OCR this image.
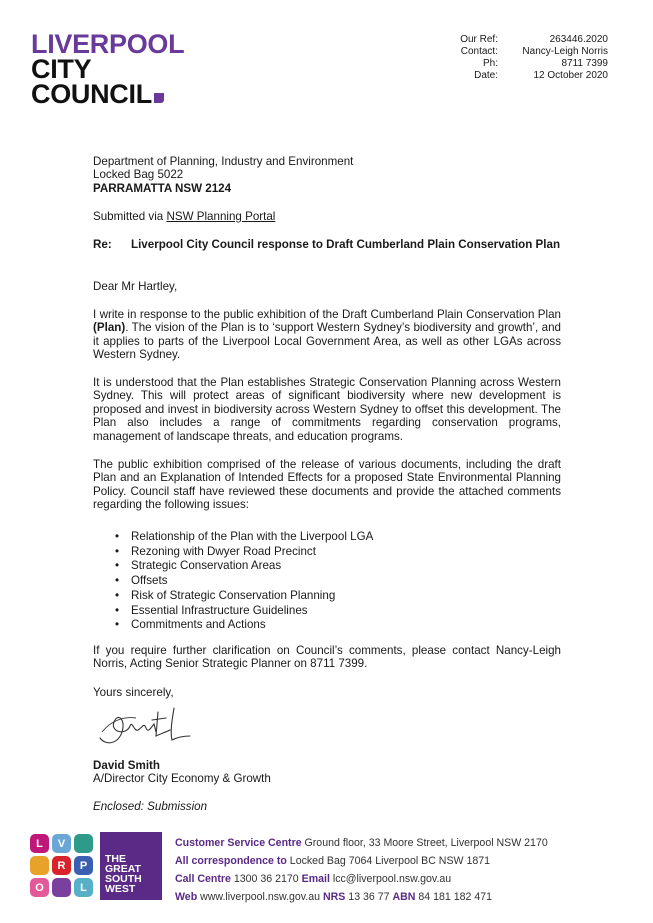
LIVERPOOL
CITY
COUNCIL
Our Ref:	263446.2020
Contact:	Nancy-Leigh Norris
Ph:	8711 7399
Date:	12 October 2020
Department of Planning, Industry and Environment
Locked Bag 5022
PARRAMATTA NSW 2124
Submitted via NSW Planning Portal
Re:	Liverpool City Council response to Draft Cumberland Plain Conservation Plan
Dear Mr Hartley,
I write in response to the public exhibition of the Draft Cumberland Plain Conservation Plan (Plan). The vision of the Plan is to ‘support Western Sydney’s biodiversity and growth’, and it applies to parts of the Liverpool Local Government Area, as well as other LGAs across Western Sydney.
It is understood that the Plan establishes Strategic Conservation Planning across Western Sydney. This will protect areas of significant biodiversity where new development is proposed and invest in biodiversity across Western Sydney to offset this development. The Plan also includes a range of commitments regarding conservation programs, management of landscape threats, and education programs.
The public exhibition comprised of the release of various documents, including the draft Plan and an Explanation of Intended Effects for a proposed State Environmental Planning Policy. Council staff have reviewed these documents and provide the attached comments regarding the following issues:
• Relationship of the Plan with the Liverpool LGA
• Rezoning with Dwyer Road Precinct
• Strategic Conservation Areas
• Offsets
• Risk of Strategic Conservation Planning
• Essential Infrastructure Guidelines
• Commitments and Actions
If you require further clarification on Council’s comments, please contact Nancy-Leigh Norris, Acting Senior Strategic Planner on 8711 7399.
Yours sincerely,
David Smith
A/Director City Economy & Growth
Enclosed: Submission
L	V
R	P
O	L
THE
GREAT
SOUTH
WEST
Customer Service Centre Ground floor, 33 Moore Street, Liverpool NSW 2170
All correspondence to Locked Bag 7064 Liverpool BC NSW 1871
Call Centre 1300 36 2170 Email lcc@liverpool.nsw.gov.au
Web www.liverpool.nsw.gov.au NRS 13 36 77 ABN 84 181 182 471
